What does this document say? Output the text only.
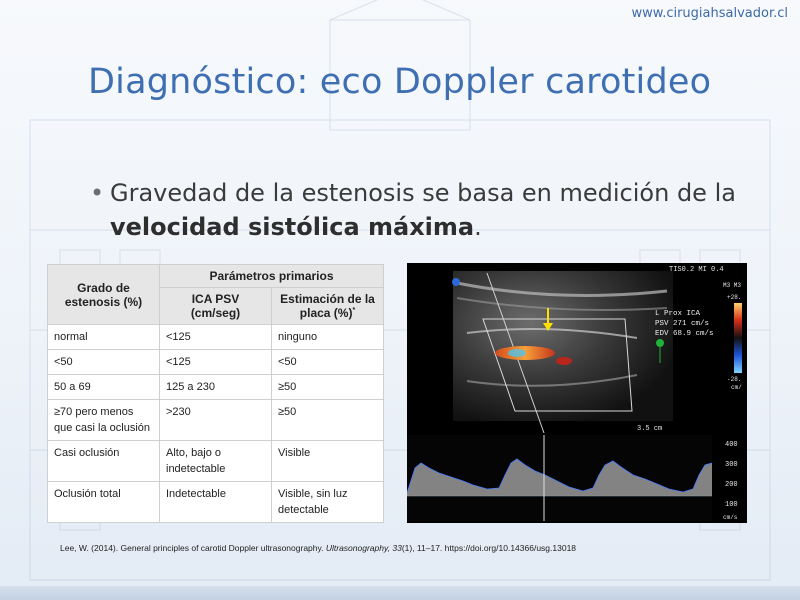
www.cirugiahsalvador.cl
Diagnóstico: eco Doppler carotideo
• Gravedad de la estenosis se basa en medición de la velocidad sistólica máxima.
Grado de estenosis (%)	Parámetros primarios	
	ICA PSV (cm/seg)	Estimación de la placa (%)*
normal	<125	ninguno
<50	<125	<50
50 a 69	125 a 230	≥50
≥70 pero menos que casi la oclusión	>230	≥50
Casi oclusión	Alto, bajo o indetectable	Visible
Oclusión total	Indetectable	Visible, sin luz detectable
TIS0.2 MI 0.4
M3 M3
+28.
-28.
cm/
L Prox ICA
PSV 271 cm/s
EDV 68.9 cm/s
3.5 cm
400
300
200
100
cm/s
Lee, W. (2014). General principles of carotid Doppler ultrasonography. Ultrasonography, 33(1), 11–17. https://doi.org/10.14366/usg.13018
